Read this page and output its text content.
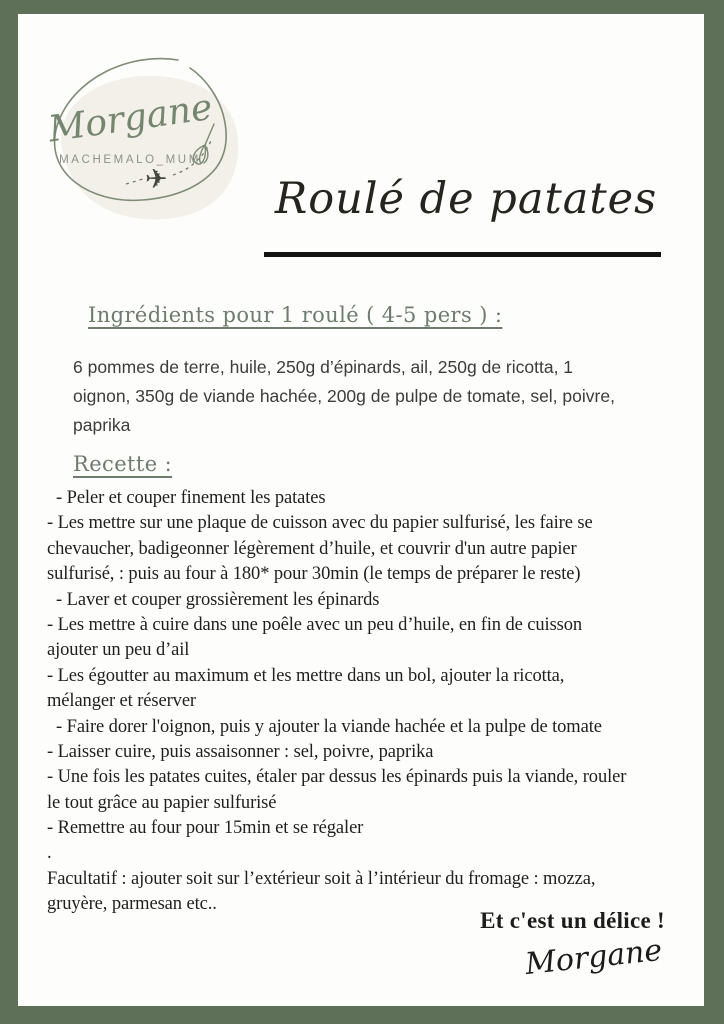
✈
Morgane
MACHEMALO_MUM
Roulé de patates
Ingrédients pour 1 roulé ( 4-5 pers ) :
6 pommes de terre, huile, 250g d’épinards, ail, 250g de ricotta, 1
oignon, 350g de viande hachée, 200g de pulpe de tomate, sel, poivre,
paprika
Recette :
- Peler et couper finement les patates
- Les mettre sur une plaque de cuisson avec du papier sulfurisé, les faire se
chevaucher, badigeonner légèrement d’huile, et couvrir d'un autre papier
sulfurisé, : puis au four à 180* pour 30min (le temps de préparer le reste)
- Laver et couper grossièrement les épinards
- Les mettre à cuire dans une poêle avec un peu d’huile, en fin de cuisson
ajouter un peu d’ail
- Les égoutter au maximum et les mettre dans un bol, ajouter la ricotta,
mélanger et réserver
- Faire dorer l'oignon, puis y ajouter la viande hachée et la pulpe de tomate
- Laisser cuire, puis assaisonner : sel, poivre, paprika
- Une fois les patates cuites, étaler par dessus les épinards puis la viande, rouler
le tout grâce au papier sulfurisé
- Remettre au four pour 15min et se régaler
.
Facultatif : ajouter soit sur l’extérieur soit à l’intérieur du fromage : mozza,
gruyère, parmesan etc..
Et c'est un délice !
Morgane
